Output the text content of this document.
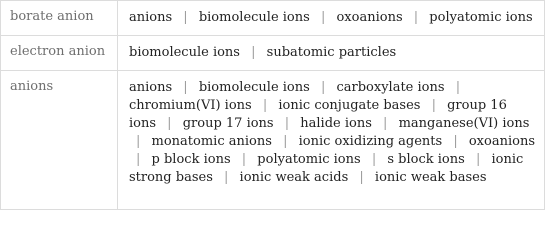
borate anion	anions | biomolecule ions | oxoanions | polyatomic ions
electron anion	biomolecule ions | subatomic particles
anions	anions | biomolecule ions | carboxylate ions | chromium(VI) ions | ionic conjugate bases | group 16 ions | group 17 ions | halide ions | manganese(VI) ions | monatomic anions | ionic oxidizing agents | oxoanions | p block ions | polyatomic ions | s block ions | ionic strong bases | ionic weak acids | ionic weak bases
